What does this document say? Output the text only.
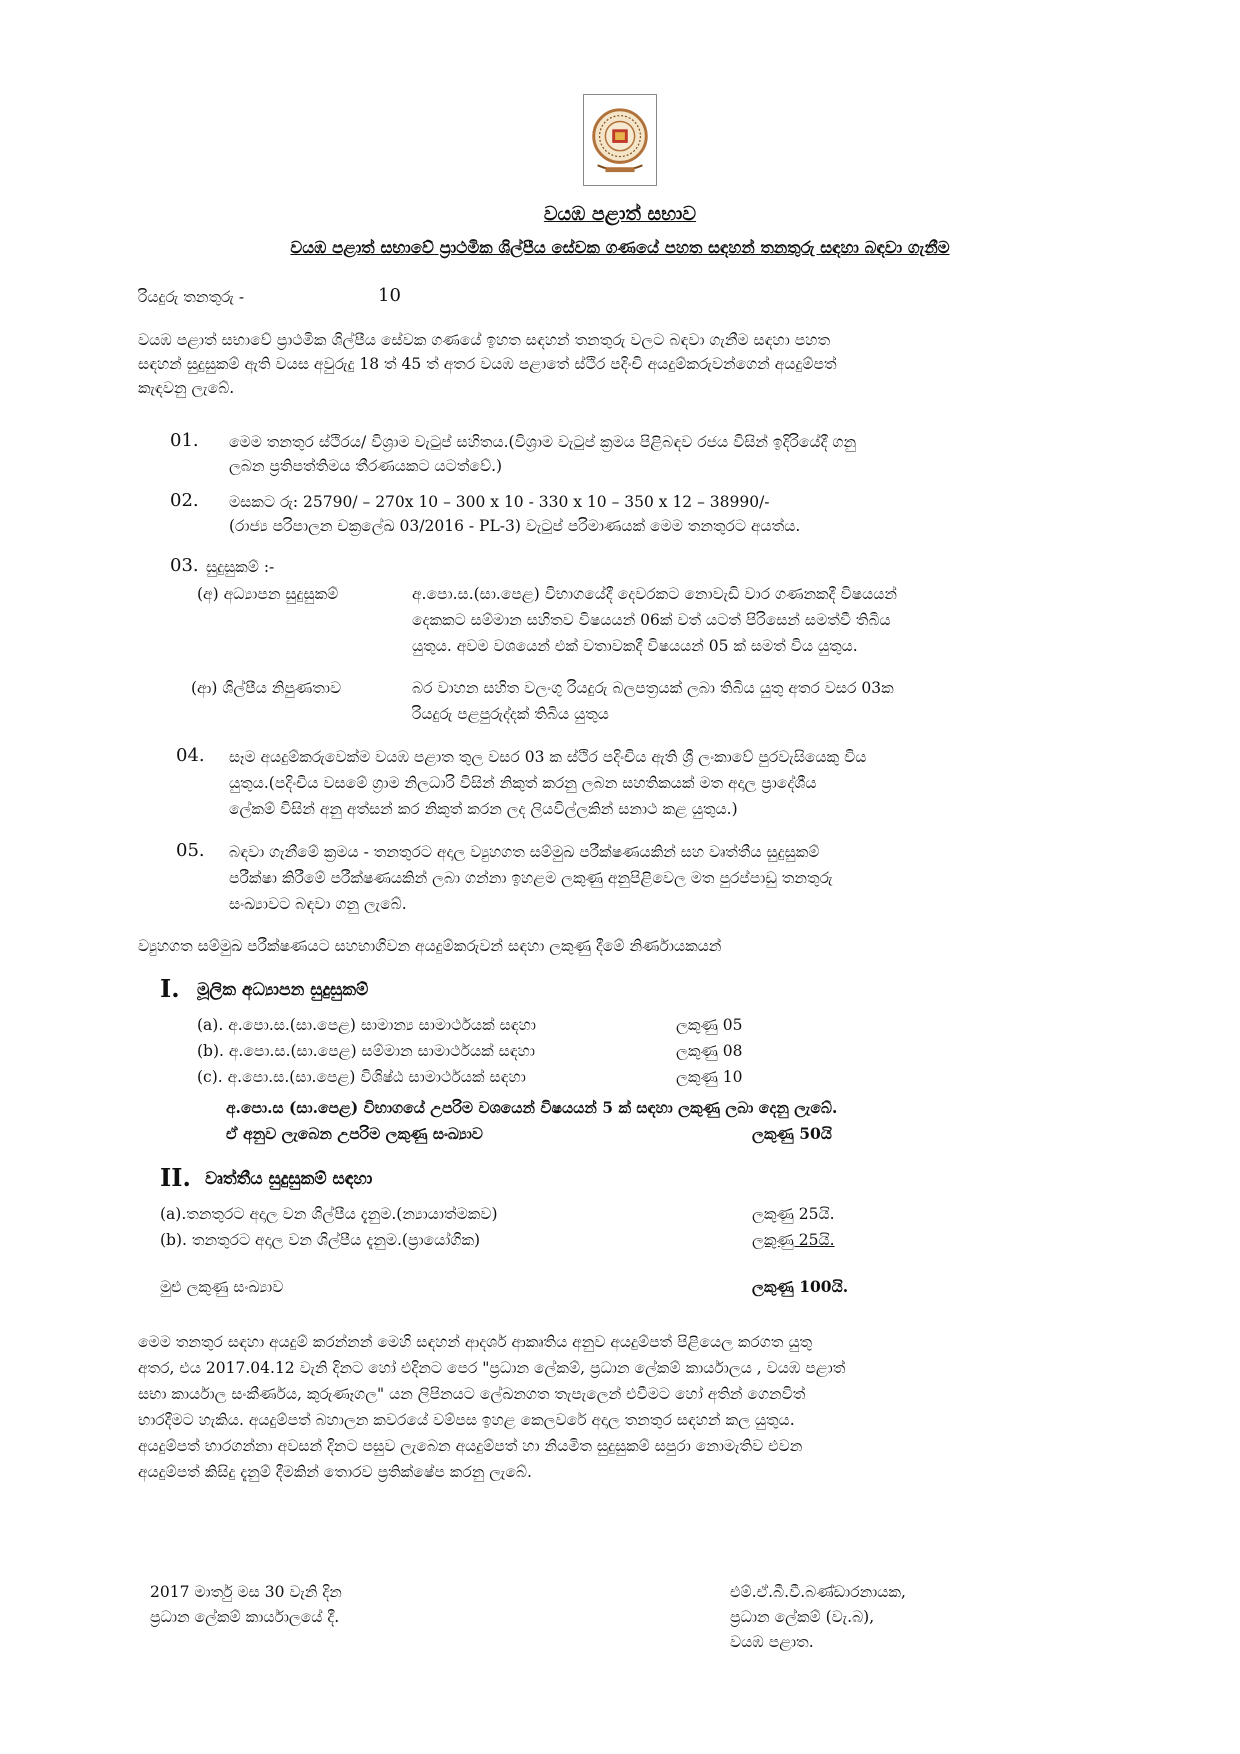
වයඹ පළාත් සභාව
වයඹ පළාත් සභාවේ ප්‍රාථමික ශිල්පීය සේවක ගණයේ පහත සඳහන් තනතුරු සඳහා බඳවා ගැනීම
රියදුරු තනතුරු -	10
වයඹ පළාත් සභාවේ ප්‍රාථමික ශිල්පීය සේවක ගණයේ ඉහත සඳහන් තනතුරු වලට බඳවා ගැනීම සඳහා පහත
සඳහන් සුදුසුකම් ඇති වයස අවුරුදු 18 ත් 45 ත් අතර වයඹ පළාතේ ස්ථිර පදිංචි අයදුම්කරුවන්ගෙන් අයදුම්පත්
කැඳවනු ලැබේ.
01. මෙම තනතුර ස්ථිරය/ විශ්‍රාම වැටුප් සහිතය.(විශ්‍රාම වැටුප් ක්‍රමය පිළිබඳව රජය විසින් ඉදිරියේදී ගනු
ලබන ප්‍රතිපත්තිමය තීරණයකට යටත්වේ.)
02. මසකට රු: 25790/ – 270x 10 – 300 x 10 - 330 x 10 – 350 x 12 – 38990/-
(රාජ්‍ය පරිපාලන චක්‍රලේඛ 03/2016 - PL-3) වැටුප් පරිමාණයක් මෙම තනතුරට අයත්ය.
03. සුදුසුකම් :-
(අ) අධ්‍යාපන සුදුසුකම්	අ.පො.ස.(සා.පෙළ) විභාගයේදී දෙවරකට නොවැඩි වාර ගණනකදී විෂයයන්
දෙකකට සම්මාන සහිතව විෂයයන් 06ක් වත් යටත් පිරිසෙන් සමත්වී තිබිය
යුතුය. අවම වශයෙන් එක් වතාවකදී විෂයයන් 05 ක් සමත් විය යුතුය.
(ආ) ශිල්පීය නිපුණතාව	බර වාහන සහිත වලංගු රියදුරු බලපත්‍රයක් ලබා තිබිය යුතු අතර වසර 03ක
රියදුරු පළපුරුද්දක් තිබිය යුතුය
04. සෑම අයදුම්කරුවෙක්ම වයඹ පළාත තුල වසර 03 ක ස්ථිර පදිංචිය ඇති ශ්‍රී ලංකාවේ පුරවැසියෙකු විය
යුතුය.(පදිංචිය වසමේ ග්‍රාම නිලධාරි විසින් නිකුත් කරනු ලබන සහතිකයක් මත අදාල ප්‍රාදේශීය
ලේකම් විසින් අනු අත්සන් කර නිකුත් කරන ලද ලියවිල්ලකින් සනාථ කළ යුතුය.)
05. බඳවා ගැනීමේ ක්‍රමය - තනතුරට අදාල ව්‍යුහගත සම්මුඛ පරීක්ෂණයකින් සහ වෘත්තීය සුදුසුකම්
පරීක්ෂා කිරීමේ පරීක්ෂණයකින් ලබා ගන්නා ඉහළම ලකුණු අනුපිළිවෙල මත පුරප්පාඩු තනතුරු
සංඛ්‍යාවට බඳවා ගනු ලැබේ.
ව්‍යුහගත සම්මුඛ පරීක්ෂණයට සහභාගිවන අයදුම්කරුවන් සඳහා ලකුණු දීමේ නිර්ණායකයන්
I. මූලික අධ්‍යාපන සුදුසුකම්
(a). අ.පො.ස.(සා.පෙළ) සාමාන්‍ය සාමාර්ථයක් සඳහා	ලකුණු 05
(b). අ.පො.ස.(සා.පෙළ) සම්මාන සාමාර්ථයක් සඳහා	ලකුණු 08
(c). අ.පො.ස.(සා.පෙළ) විශිෂ්ඨ සාමාර්ථයක් සඳහා	ලකුණු 10
අ.පො.ස (සා.පෙළ) විභාගයේ උපරිම වශයෙන් විෂයයන් 5 ක් සඳහා ලකුණු ලබා දෙනු ලැබේ.
ඒ අනුව ලැබෙන උපරිම ලකුණු සංඛ්‍යාව	ලකුණු 50යි
II. වෘත්තීය සුදුසුකම් සඳහා
(a).තනතුරට අදාල වන ශිල්පීය දැනුම.(න්‍යායාත්මකව)	ලකුණු 25යි.
(b). තනතුරට අදාල වන ශිල්පීය දැනුම.(ප්‍රායෝගික)	ලකුණු 25යි.
මුළු ලකුණු සංඛ්‍යාව	ලකුණු 100යි.
මෙම තනතුර සඳහා අයදුම් කරන්නන් මෙහි සඳහන් ආදර්ශ ආකෘතිය අනුව අයදුම්පත් පිළියෙල කරගත යුතු
අතර, එය 2017.04.12 වැනි දිනට හෝ එදිනට පෙර "ප්‍රධාන ලේකම්, ප්‍රධාන ලේකම් කාර්යාලය , වයඹ පළාත්
සභා කාර්යාල සංකීර්ණය, කුරුණෑගල" යන ලිපිනයට ලේඛනගත තැපැලෙන් එවීමට හෝ අතින් ගෙනවිත්
භාරදීමට හැකිය. අයදුම්පත් බහාලන කවරයේ වම්පස ඉහළ කෙලවරේ අදාල තනතුර සඳහන් කල යුතුය.
අයදුම්පත් භාරගන්නා අවසන් දිනට පසුව ලැබෙන අයදුම්පත් හා නියමිත සුදුසුකම් සපුරා නොමැතිව එවන
අයදුම්පත් කිසිදු දැනුම් දීමකින් තොරව ප්‍රතික්ෂේප කරනු ලැබේ.
2017 මාර්තු මස 30 වැනි දින
ප්‍රධාන ලේකම් කාර්යාලයේ දී.
එම්.ඒ.බී.වී.බණ්ඩාරනායක,
ප්‍රධාන ලේකම් (වැ.බ),
වයඹ පළාත.
